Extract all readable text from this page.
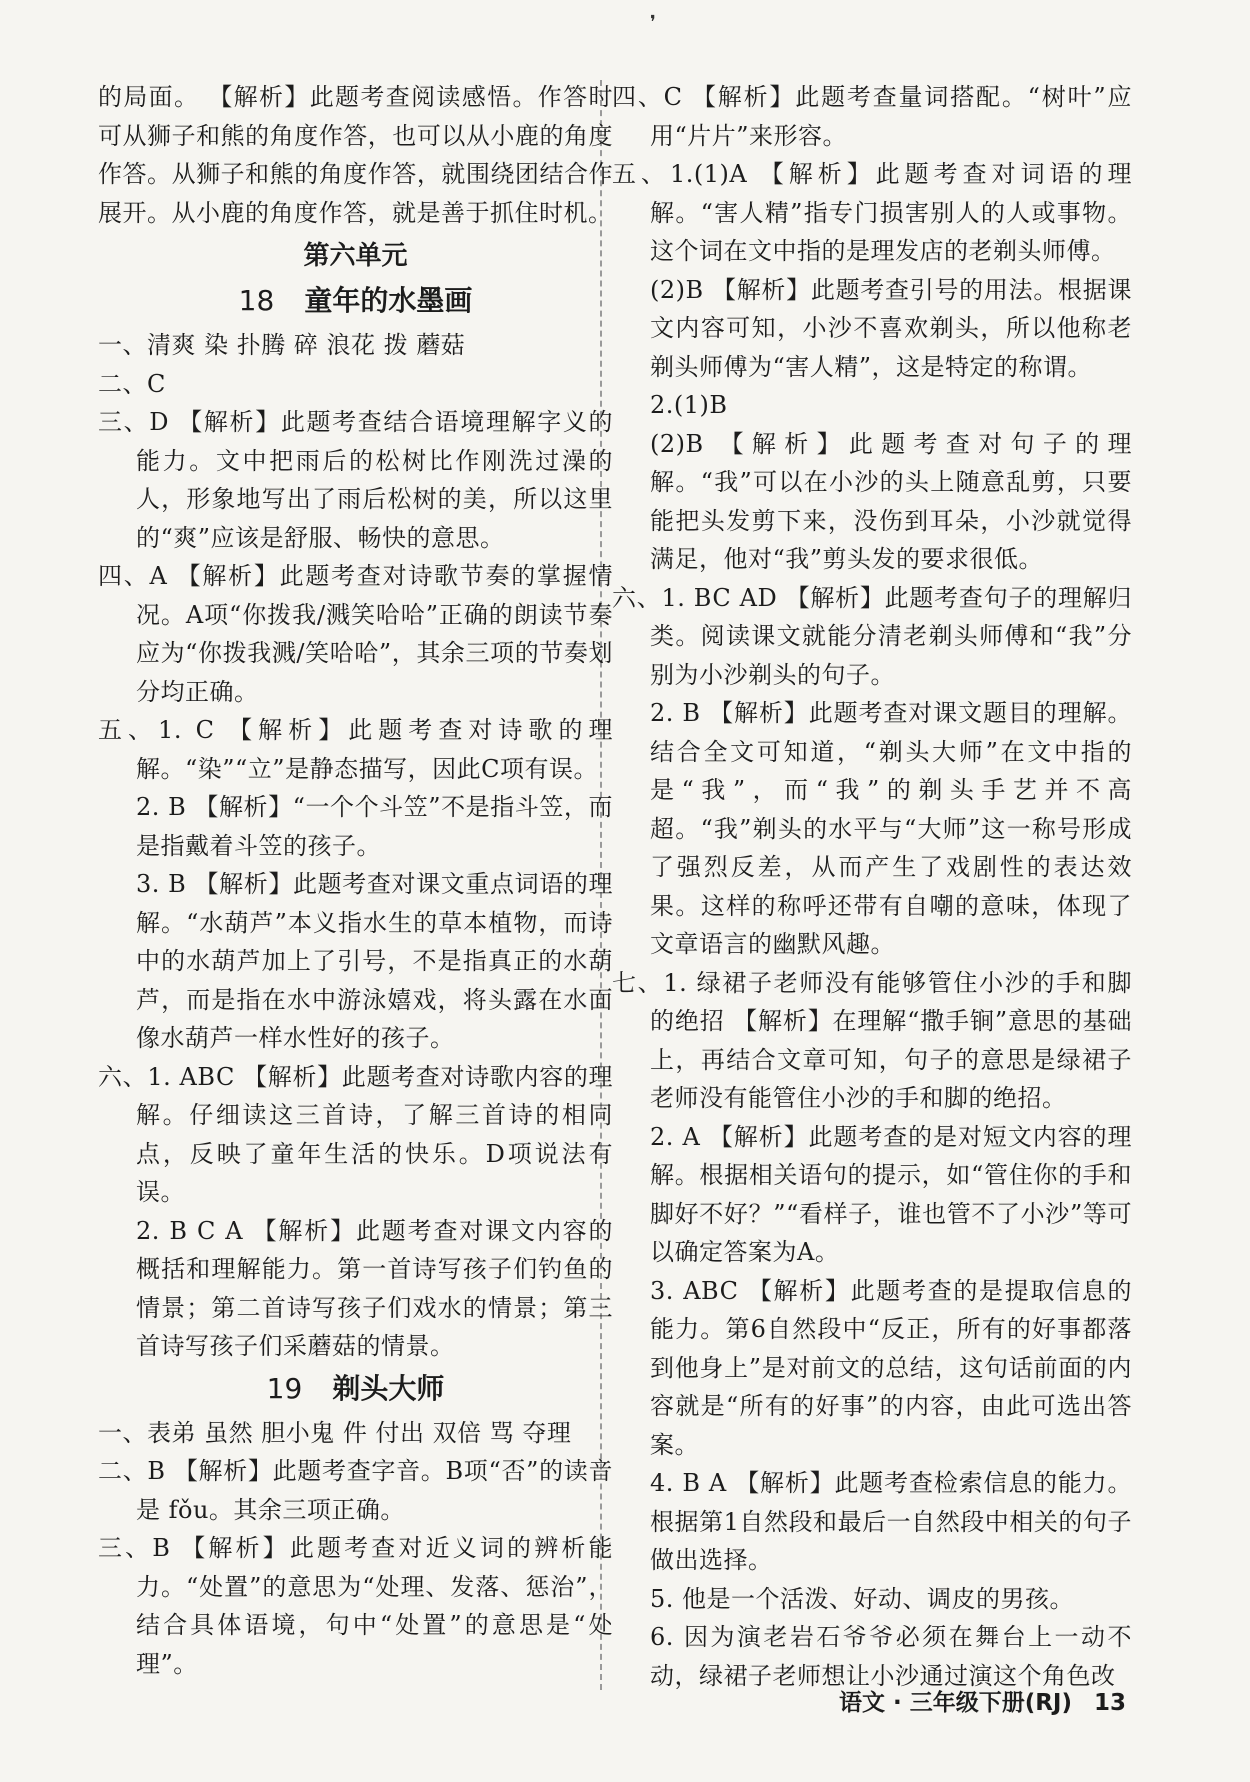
❜

的局面。 【解析】此题考查阅读感悟。作答时可从狮子和熊的角度作答，也可以从小鹿的角度作答。从狮子和熊的角度作答，就围绕团结合作展开。从小鹿的角度作答，就是善于抓住时机。

第六单元
18 童年的水墨画

一、清爽 染 扑腾 碎 浪花 拨 蘑菇

二、C

三、D 【解析】此题考查结合语境理解字义的能力。文中把雨后的松树比作刚洗过澡的人，形象地写出了雨后松树的美，所以这里的“爽”应该是舒服、畅快的意思。

四、A 【解析】此题考查对诗歌节奏的掌握情况。A项“你拨我/溅笑哈哈”正确的朗读节奏应为“你拨我溅/笑哈哈”，其余三项的节奏划分均正确。

五、1. C 【解析】此题考查对诗歌的理解。“染”“立”是静态描写，因此C项有误。

2. B 【解析】“一个个斗笠”不是指斗笠，而是指戴着斗笠的孩子。

3. B 【解析】此题考查对课文重点词语的理解。“水葫芦”本义指水生的草本植物，而诗中的水葫芦加上了引号，不是指真正的水葫芦，而是指在水中游泳嬉戏，将头露在水面像水葫芦一样水性好的孩子。

六、1. ABC 【解析】此题考查对诗歌内容的理解。仔细读这三首诗，了解三首诗的相同点，反映了童年生活的快乐。D项说法有误。

2. B C A 【解析】此题考查对课文内容的概括和理解能力。第一首诗写孩子们钓鱼的情景；第二首诗写孩子们戏水的情景；第三首诗写孩子们采蘑菇的情景。

19 剃头大师

一、表弟 虽然 胆小鬼 件 付出 双倍 骂 夺理

二、B 【解析】此题考查字音。B项“否”的读音是 fǒu。其余三项正确。

三、B 【解析】此题考查对近义词的辨析能力。“处置”的意思为“处理、发落、惩治”，结合具体语境，句中“处置”的意思是“处理”。

四、C 【解析】此题考查量词搭配。“树叶”应用“片片”来形容。

五、1.(1)A 【解析】此题考查对词语的理解。“害人精”指专门损害别人的人或事物。这个词在文中指的是理发店的老剃头师傅。

(2)B 【解析】此题考查引号的用法。根据课文内容可知，小沙不喜欢剃头，所以他称老剃头师傅为“害人精”，这是特定的称谓。

2.(1)B

(2)B 【解析】此题考查对句子的理解。“我”可以在小沙的头上随意乱剪，只要能把头发剪下来，没伤到耳朵，小沙就觉得满足，他对“我”剪头发的要求很低。

六、1. BC AD 【解析】此题考查句子的理解归类。阅读课文就能分清老剃头师傅和“我”分别为小沙剃头的句子。

2. B 【解析】此题考查对课文题目的理解。结合全文可知道，“剃头大师”在文中指的是“我”，而“我”的剃头手艺并不高超。“我”剃头的水平与“大师”这一称号形成了强烈反差，从而产生了戏剧性的表达效果。这样的称呼还带有自嘲的意味，体现了文章语言的幽默风趣。

七、1. 绿裙子老师没有能够管住小沙的手和脚的绝招 【解析】在理解“撒手锏”意思的基础上，再结合文章可知，句子的意思是绿裙子老师没有能管住小沙的手和脚的绝招。

2. A 【解析】此题考查的是对短文内容的理解。根据相关语句的提示，如“管住你的手和脚好不好？”“看样子，谁也管不了小沙”等可以确定答案为A。

3. ABC 【解析】此题考查的是提取信息的能力。第6自然段中“反正，所有的好事都落到他身上”是对前文的总结，这句话前面的内容就是“所有的好事”的内容，由此可选出答案。

4. B A 【解析】此题考查检索信息的能力。根据第1自然段和最后一自然段中相关的句子做出选择。

5. 他是一个活泼、好动、调皮的男孩。

6. 因为演老岩石爷爷必须在舞台上一动不动，绿裙子老师想让小沙通过演这个角色改

语文 · 三年级下册(RJ) 13
